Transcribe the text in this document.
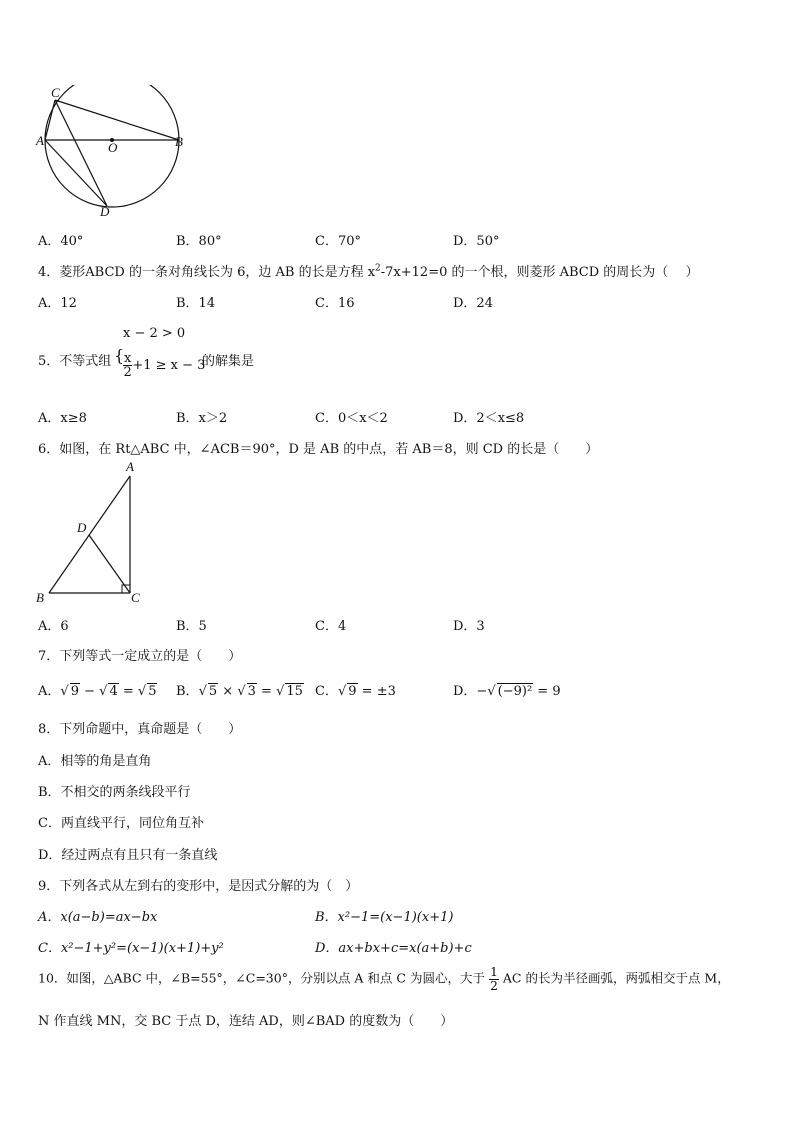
C
A	O	B
D
A．40°	B．80°	C．70°	D．50°
4．菱形ABCD 的一条对角线长为 6，边 AB 的长是方程 $x^2-7x+12=0$ 的一个根，则菱形 ABCD 的周长为（　 ）
A．12	B．14	C．16	D．24
5．不等式组 {
x − 2 > 0
$\frac{x}{2} +1 \ge x - 3$
的解集是
A．x≥8	B．x＞2	C．0＜x＜2	D．2＜x≤8
6．如图，在 Rt△ABC 中，∠ACB＝90°，D 是 AB 的中点，若 AB＝8，则 CD 的长是（　　）
A
D
B	C
A．6	B．5	C．4	D．3
7．下列等式一定成立的是（　　）
A．√ 9 − √ 4 = √ 5 B．√ 5 × √ 3 = √ 15 C．√ 9 = ±3	D．−√ (−9)² = 9
8．下列命题中，真命题是（　　）
A．相等的角是直角
B．不相交的两条线段平行
C．两直线平行，同位角互补
D．经过两点有且只有一条直线
9．下列各式从左到右的变形中，是因式分解的为（　）
A．x(a−b)=ax−bx	B．x²−1=(x−1)(x+1)
C．x²−1+y²=(x−1)(x+1)+y²	D．ax+bx+c=x(a+b)+c
10．如图，△ABC 中，∠B=55°，∠C=30°，分别以点 A 和点 C 为圆心，大于 $\frac{1}{2}$ AC 的长为半径画弧，两弧相交于点 M，
N 作直线 MN，交 BC 于点 D，连结 AD，则∠BAD 的度数为（　　）
